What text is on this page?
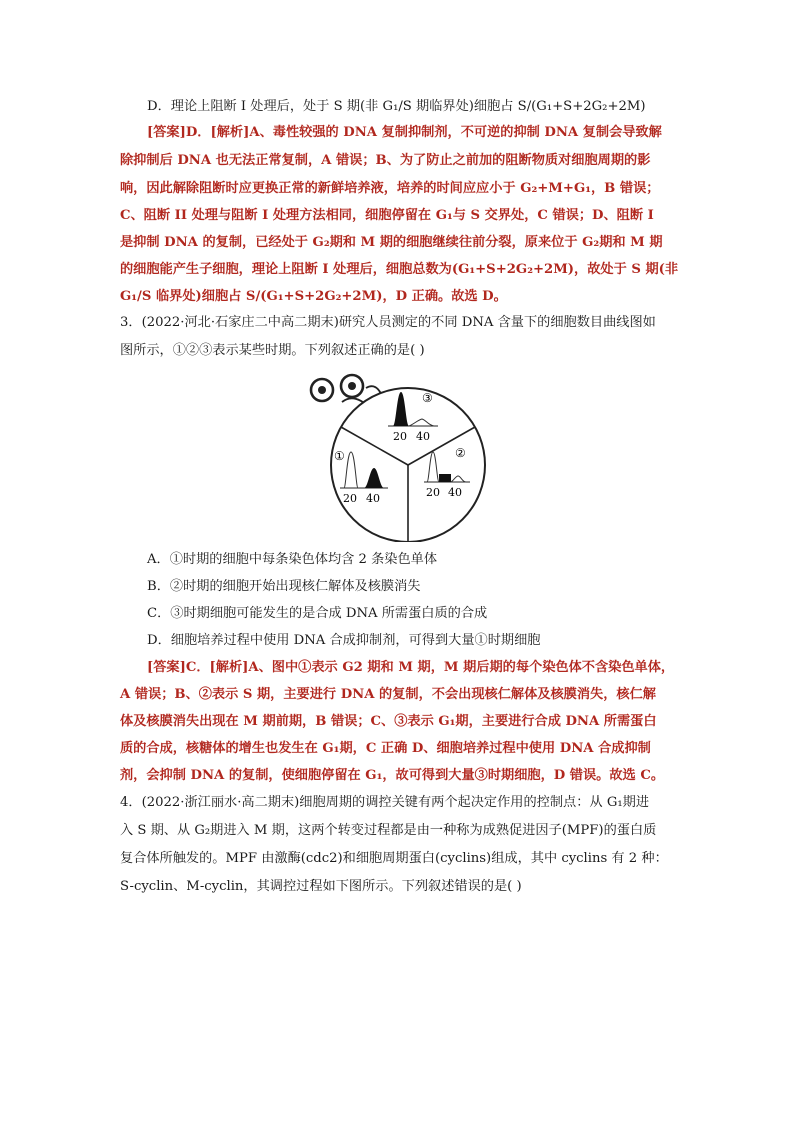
D．理论上阻断 I 处理后，处于 S 期(非 G₁/S 期临界处)细胞占 S/(G₁+S+2G₂+2M)
[答案]D．[解析]A、毒性较强的 DNA 复制抑制剂，不可逆的抑制 DNA 复制会导致解
除抑制后 DNA 也无法正常复制，A 错误；B、为了防止之前加的阻断物质对细胞周期的影
响，因此解除阻断时应更换正常的新鲜培养液，培养的时间应应小于 G₂+M+G₁，B 错误；
C、阻断 II 处理与阻断 I 处理方法相同，细胞停留在 G₁与 S 交界处，C 错误；D、阻断 I
是抑制 DNA 的复制，已经处于 G₂期和 M 期的细胞继续往前分裂，原来位于 G₂期和 M 期
的细胞能产生子细胞，理论上阻断 I 处理后，细胞总数为(G₁+S+2G₂+2M)，故处于 S 期(非
G₁/S 临界处)细胞占 S/(G₁+S+2G₂+2M)，D 正确。故选 D。
3．(2022·河北·石家庄二中高二期末)研究人员测定的不同 DNA 含量下的细胞数目曲线图如
图所示，①②③表示某些时期。下列叙述正确的是( )
③
20 40
①
20 40
②
20 40
A．①时期的细胞中每条染色体均含 2 条染色单体
B．②时期的细胞开始出现核仁解体及核膜消失
C．③时期细胞可能发生的是合成 DNA 所需蛋白质的合成
D．细胞培养过程中使用 DNA 合成抑制剂，可得到大量①时期细胞
[答案]C．[解析]A、图中①表示 G2 期和 M 期，M 期后期的每个染色体不含染色单体，
A 错误；B、②表示 S 期，主要进行 DNA 的复制，不会出现核仁解体及核膜消失，核仁解
体及核膜消失出现在 M 期前期，B 错误；C、③表示 G₁期，主要进行合成 DNA 所需蛋白
质的合成，核糖体的增生也发生在 G₁期，C 正确 D、细胞培养过程中使用 DNA 合成抑制
剂，会抑制 DNA 的复制，使细胞停留在 G₁，故可得到大量③时期细胞，D 错误。故选 C。
4．(2022·浙江丽水·高二期末)细胞周期的调控关键有两个起决定作用的控制点：从 G₁期进
入 S 期、从 G₂期进入 M 期，这两个转变过程都是由一种称为成熟促进因子(MPF)的蛋白质
复合体所触发的。MPF 由激酶(cdc2)和细胞周期蛋白(cyclins)组成，其中 cyclins 有 2 种：
S-cyclin、M-cyclin，其调控过程如下图所示。下列叙述错误的是( )
